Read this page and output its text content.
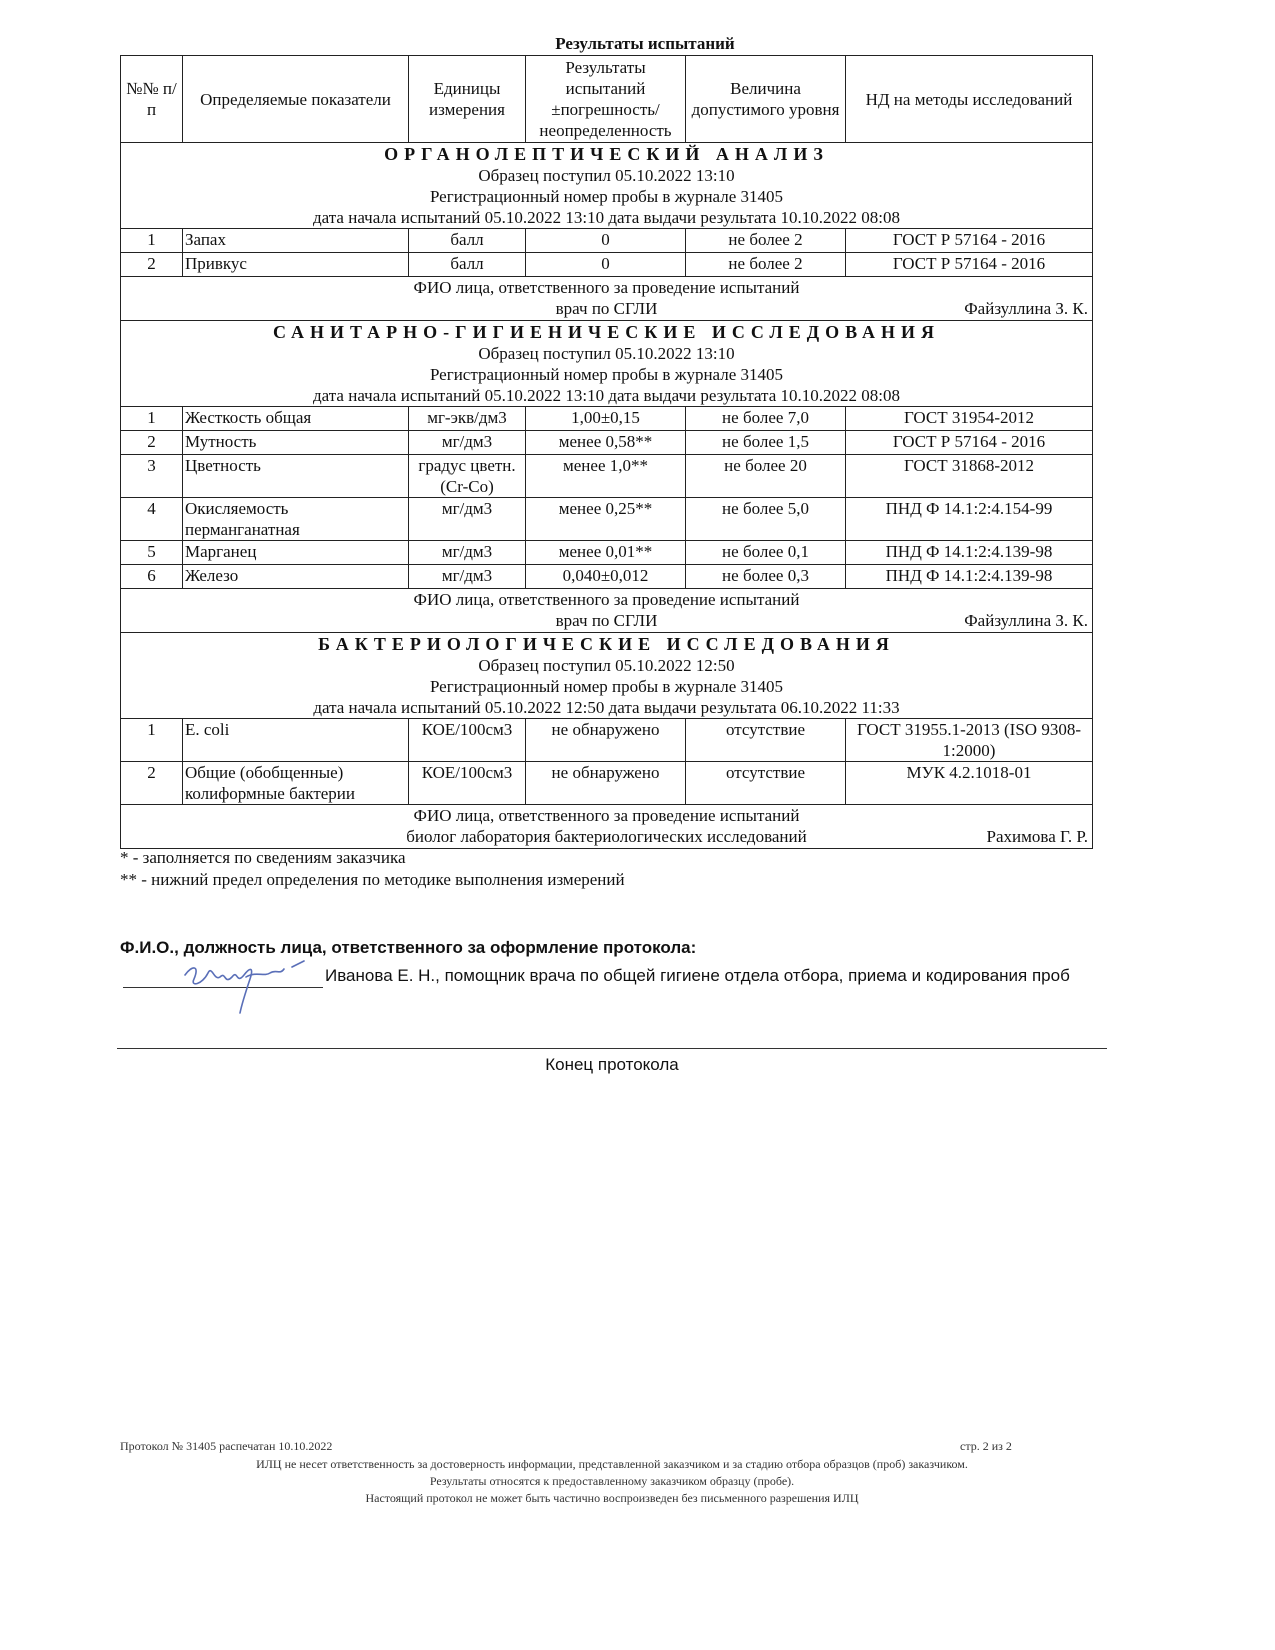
Результаты испытаний
№№ п/п	Определяемые показатели	Единицы измерения	Результаты испытаний ±погрешность/ неопределенность	Величина допустимого уровня	НД на методы исследований

ОРГАНОЛЕПТИЧЕСКИЙ АНАЛИЗ
Образец поступил 05.10.2022 13:10
Регистрационный номер пробы в журнале 31405
дата начала испытаний 05.10.2022 13:10 дата выдачи результата 10.10.2022 08:08					

1	Запах	балл	0	не более 2	ГОСТ Р 57164 - 2016
2	Привкус	балл	0	не более 2	ГОСТ Р 57164 - 2016

ФИО лица, ответственного за проведение испытаний
врач по СГЛИ Файзуллина З. К.					

САНИТАРНО-ГИГИЕНИЧЕСКИЕ ИССЛЕДОВАНИЯ
Образец поступил 05.10.2022 13:10
Регистрационный номер пробы в журнале 31405
дата начала испытаний 05.10.2022 13:10 дата выдачи результата 10.10.2022 08:08					

1	Жесткость общая	мг-экв/дм3	1,00±0,15	не более 7,0	ГОСТ 31954-2012
2	Мутность	мг/дм3	менее 0,58**	не более 1,5	ГОСТ Р 57164 - 2016
3	Цветность	градус цветн.(Cr-Co)	менее 1,0**	не более 20	ГОСТ 31868-2012
4	Окисляемость перманганатная	мг/дм3	менее 0,25**	не более 5,0	ПНД Ф 14.1:2:4.154-99
5	Марганец	мг/дм3	менее 0,01**	не более 0,1	ПНД Ф 14.1:2:4.139-98
6	Железо	мг/дм3	0,040±0,012	не более 0,3	ПНД Ф 14.1:2:4.139-98

ФИО лица, ответственного за проведение испытаний
врач по СГЛИ Файзуллина З. К.					

БАКТЕРИОЛОГИЧЕСКИЕ ИССЛЕДОВАНИЯ
Образец поступил 05.10.2022 12:50
Регистрационный номер пробы в журнале 31405
дата начала испытаний 05.10.2022 12:50 дата выдачи результата 06.10.2022 11:33					

1	E. coli	КОЕ/100см3	не обнаружено	отсутствие	ГОСТ 31955.1-2013 (ISO 9308-1:2000)
2	Общие (обобщенные) колиформные бактерии	КОЕ/100см3	не обнаружено	отсутствие	МУК 4.2.1018-01

ФИО лица, ответственного за проведение испытаний
биолог лаборатория бактериологических исследований Рахимова Г. Р.					
* - заполняется по сведениям заказчика
** - нижний предел определения по методике выполнения измерений
Ф.И.О., должность лица, ответственного за оформление протокола:
Иванова Е. Н., помощник врача по общей гигиене отдела отбора, приема и кодирования проб
Конец протокола
Протокол № 31405 распечатан 10.10.2022	стр. 2 из 2
ИЛЦ не несет ответственность за достоверность информации, представленной заказчиком и за стадию отбора образцов (проб) заказчиком.
Результаты относятся к предоставленному заказчиком образцу (пробе).
Настоящий протокол не может быть частично воспроизведен без письменного разрешения ИЛЦ
